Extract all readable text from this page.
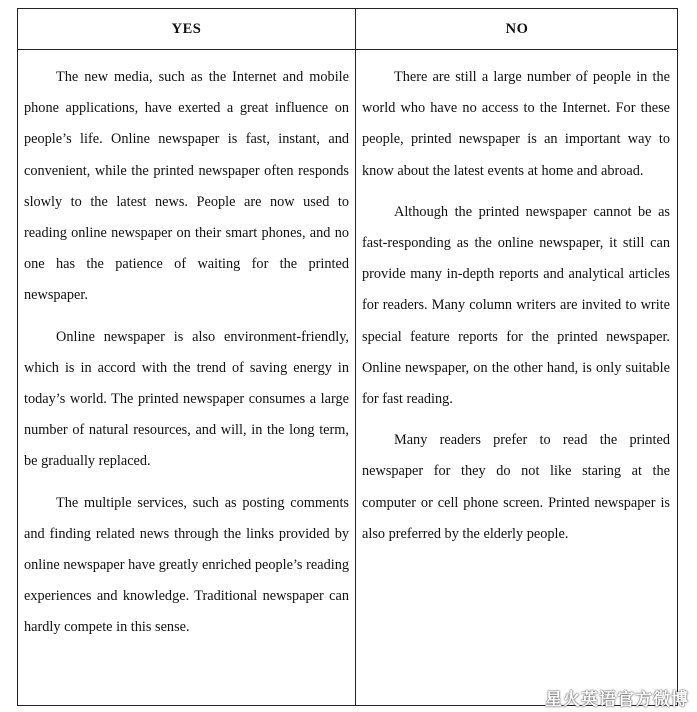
YES	NO

The new media, such as the Internet and mobile phone applications, have exerted a great influence on people’s life. Online newspaper is fast, instant, and convenient, while the printed newspaper often responds slowly to the latest news. People are now used to reading online newspaper on their smart phones, and no one has the patience of waiting for the printed newspaper.

Online newspaper is also environment-friendly, which is in accord with the trend of saving energy in today’s world. The printed newspaper consumes a large number of natural resources, and will, in the long term, be gradually replaced.

The multiple services, such as posting comments and finding related news through the links provided by online newspaper have greatly enriched people’s reading experiences and knowledge. Traditional newspaper can hardly compete in this sense.

There are still a large number of people in the world who have no access to the Internet. For these people, printed newspaper is an important way to know about the latest events at home and abroad.

Although the printed newspaper cannot be as fast-responding as the online newspaper, it still can provide many in-depth reports and analytical articles for readers. Many column writers are invited to write special feature reports for the printed newspaper. Online newspaper, on the other hand, is only suitable for fast reading.

Many readers prefer to read the printed newspaper for they do not like staring at the computer or cell phone screen. Printed newspaper is also preferred by the elderly people.

星火英语官方微博
